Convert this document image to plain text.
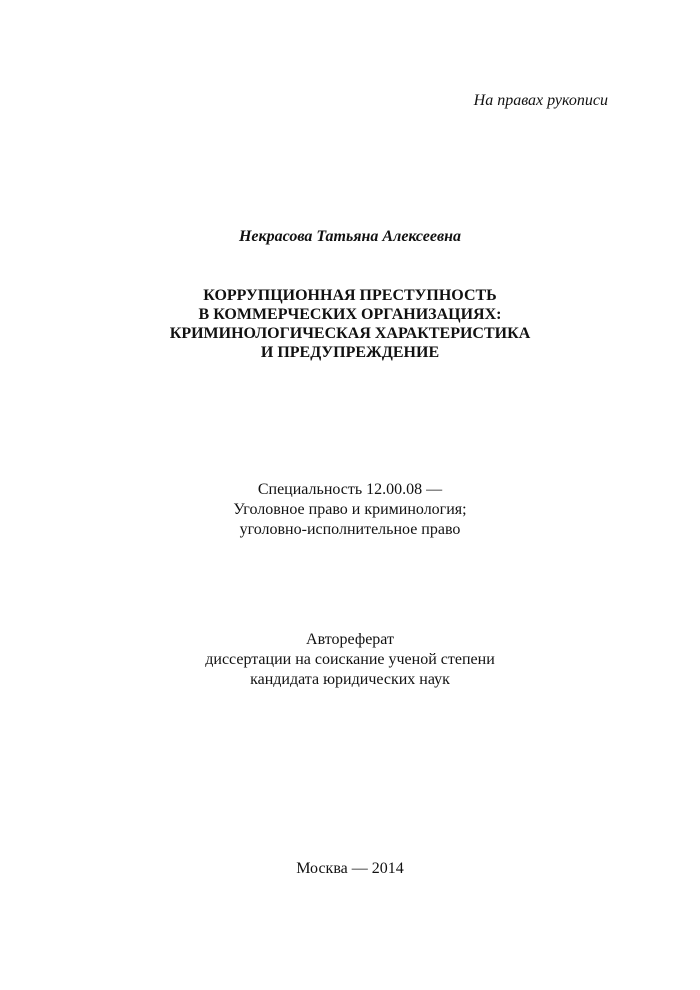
На правах рукописи
Некрасова Татьяна Алексеевна
КОРРУПЦИОННАЯ ПРЕСТУПНОСТЬ
В КОММЕРЧЕСКИХ ОРГАНИЗАЦИЯХ:
КРИМИНОЛОГИЧЕСКАЯ ХАРАКТЕРИСТИКА
И ПРЕДУПРЕЖДЕНИЕ
Специальность 12.00.08 —
Уголовное право и криминология;
уголовно-исполнительное право
Автореферат
диссертации на соискание ученой степени
кандидата юридических наук
Москва — 2014
